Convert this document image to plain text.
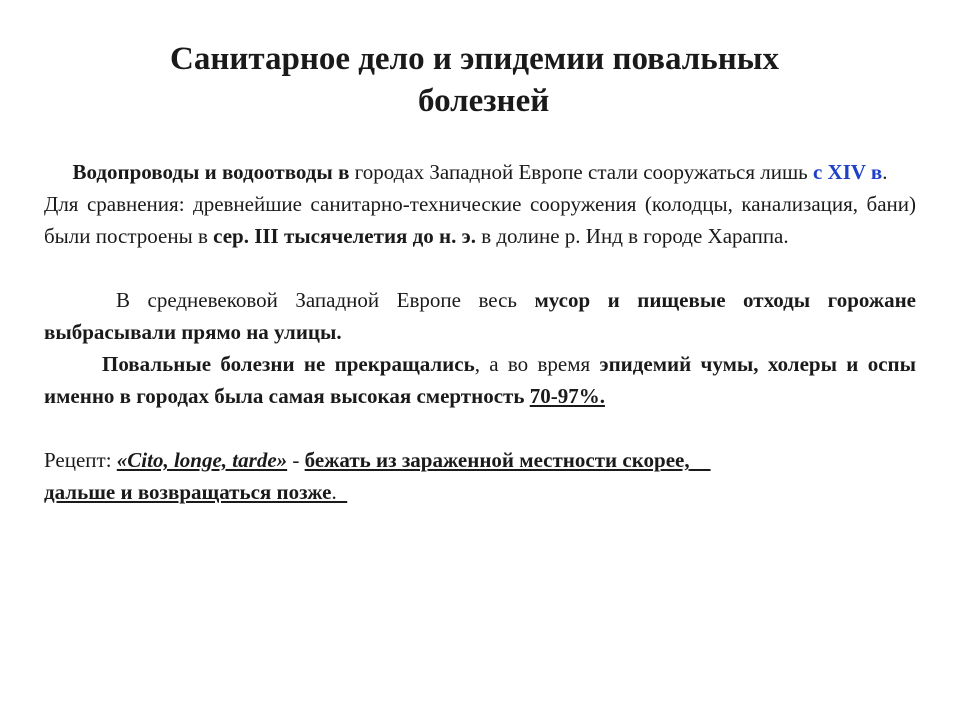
Санитарное дело и эпидемии повальных
болезней

Водопроводы и водоотводы в городах Западной Европе стали сооружаться лишь с XIV в.

Для сравнения: древнейшие санитарно-технические сооружения (колодцы, канализация, бани) были построены в сер. III тысячелетия до н. э. в долине р. Инд в городе Хараппа.

В средневековой Западной Европе весь мусор и пищевые отходы горожане выбрасывали прямо на улицы.

Повальные болезни не прекращались, а во время эпидемий чумы, холеры и оспы именно в городах была самая высокая смертность 70-97%.

Рецепт: «Cito, longe, tarde» - бежать из зараженной местности скорее,
дальше и возвращаться позже.
